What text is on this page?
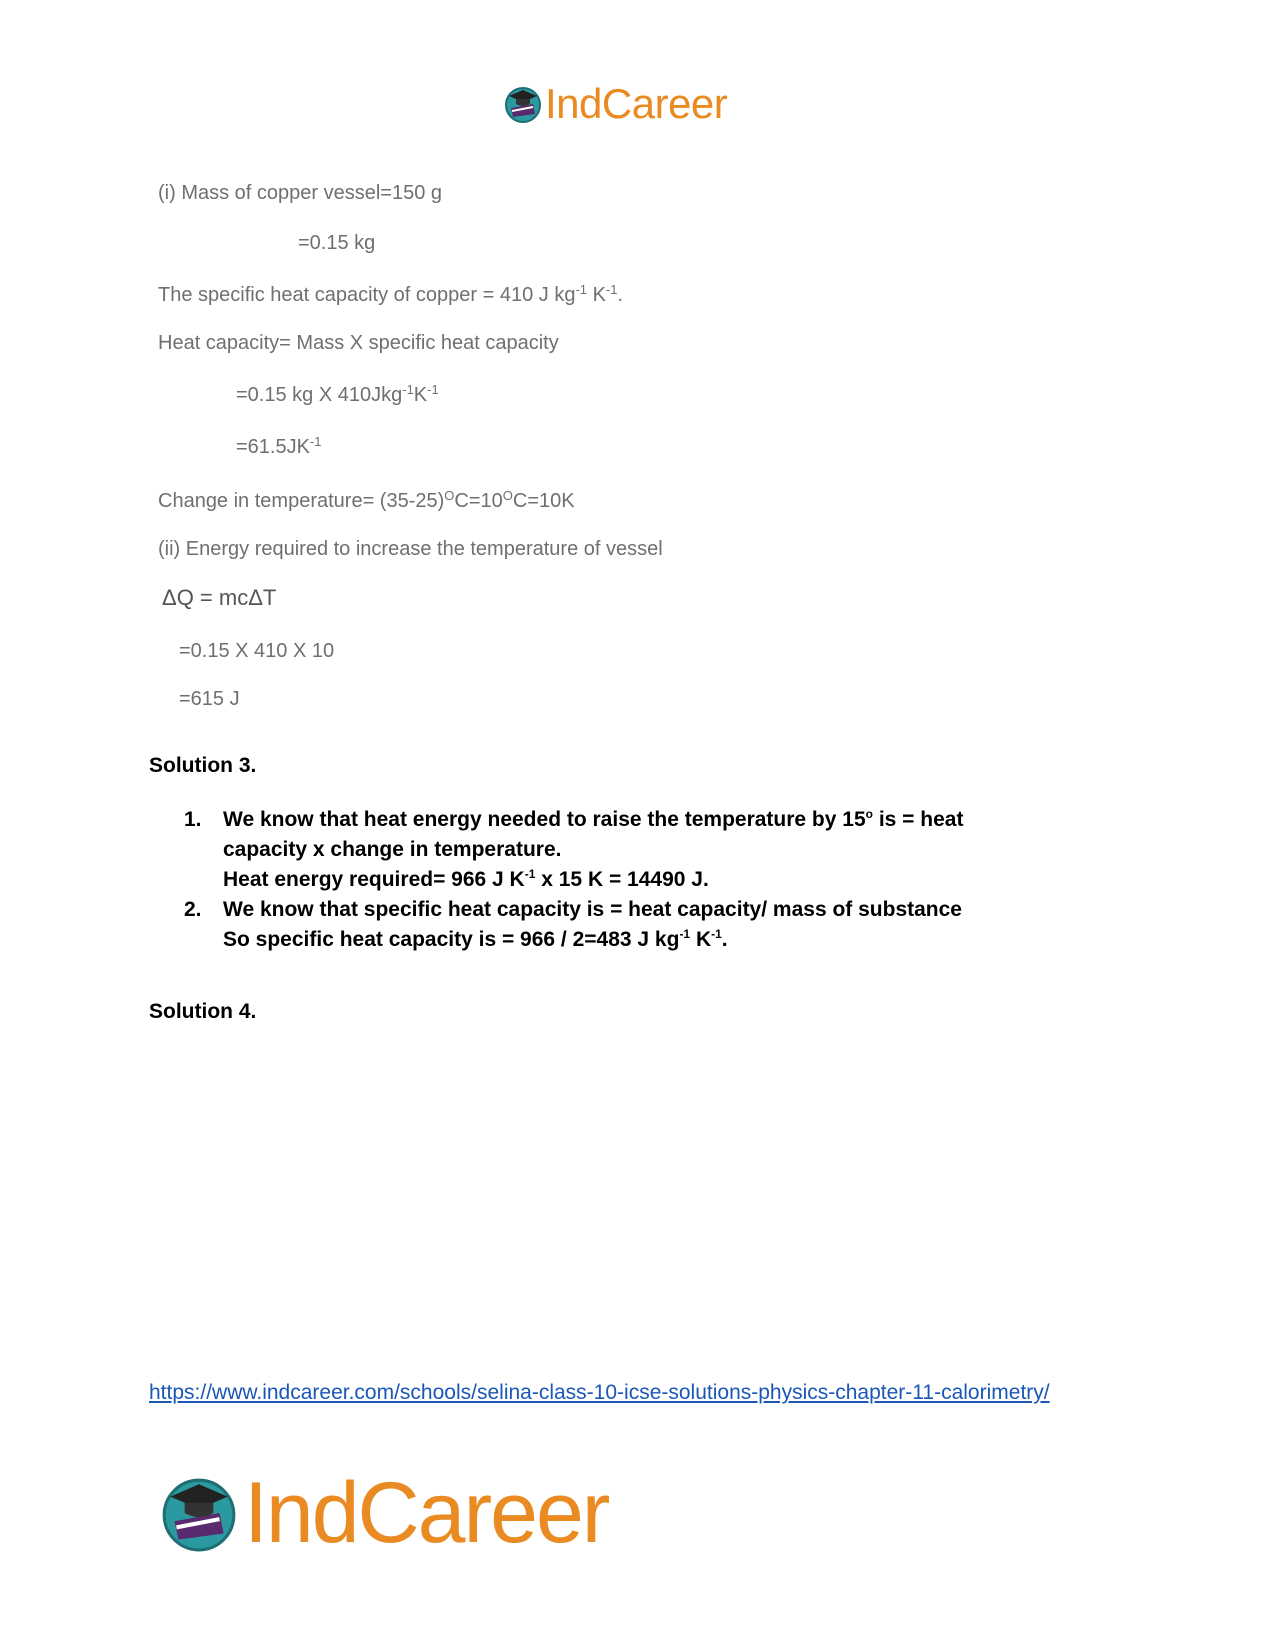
IndCareer
(i) Mass of copper vessel=150 g
=0.15 kg
The specific heat capacity of copper = 410 J $kg^{-1}$ $K^{-1}$.
Heat capacity= Mass X specific heat capacity
=0.15 kg X $410Jkg^{-1}K^{-1}$
$=61.5JK^{-1}$
Change in temperature= $(35-25)^OC=10^OC=10K$
(ii) Energy required to increase the temperature of vessel
ΔQ = mcΔT
=0.15 X 410 X 10
=615 J
Solution 3.
1. We know that heat energy needed to raise the temperature by 15$^o$ is = heat
capacity x change in temperature.
Heat energy required= 966 J $K^{-1}$ x 15 K = 14490 J.
2. We know that specific heat capacity is = heat capacity/ mass of substance
So specific heat capacity is = 966 / 2=483 J $kg^{-1}$ $K^{-1}$.
Solution 4.
https://www.indcareer.com/schools/selina-class-10-icse-solutions-physics-chapter-11-calorimetry/
IndCareer
